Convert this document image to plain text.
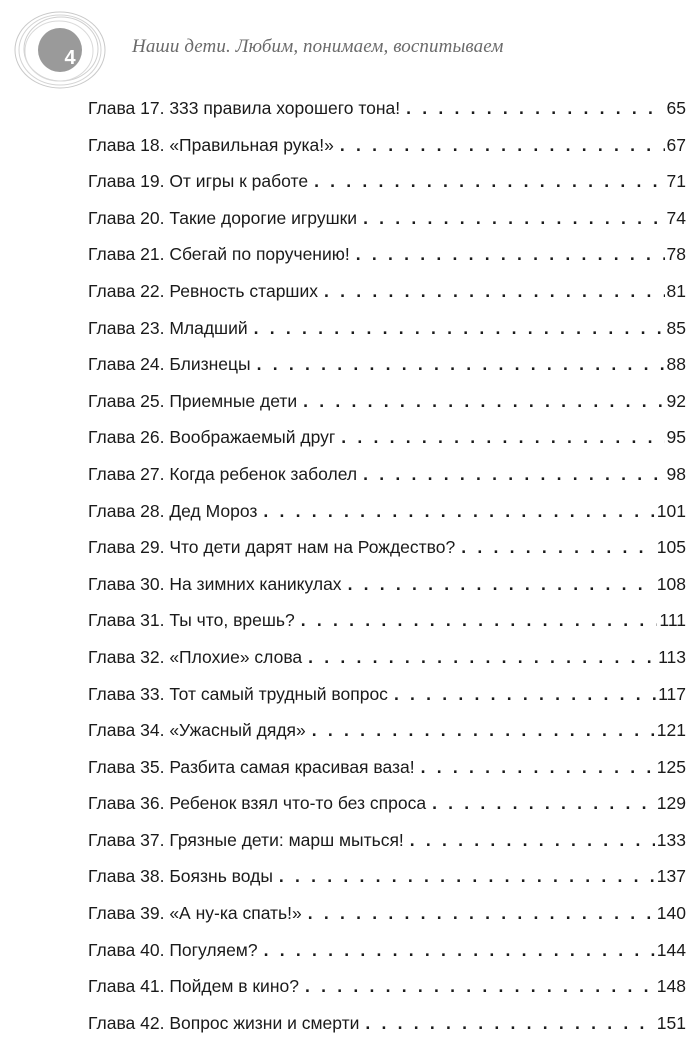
4
Наши дети. Любим, понимаем, воспитываем
Глава 17. 333 правила хорошего тона! . . .	65
Глава 18. «Правильная рука!» . . .	67
Глава 19. От игры к работе . . .	71
Глава 20. Такие дорогие игрушки . . .	74
Глава 21. Сбегай по поручению! . . .	78
Глава 22. Ревность старших . . .	81
Глава 23. Младший . . .	85
Глава 24. Близнецы . . .	88
Глава 25. Приемные дети . . .	92
Глава 26. Воображаемый друг . . .	95
Глава 27. Когда ребенок заболел . . .	98
Глава 28. Дед Мороз . . .	101
Глава 29. Что дети дарят нам на Рождество? . . .	105
Глава 30. На зимних каникулах . . .	108
Глава 31. Ты что, врешь? . . .	111
Глава 32. «Плохие» слова . . .	113
Глава 33. Тот самый трудный вопрос . . .	117
Глава 34. «Ужасный дядя» . . .	121
Глава 35. Разбита самая красивая ваза! . . .	125
Глава 36. Ребенок взял что-то без спроса . . .	129
Глава 37. Грязные дети: марш мыться! . . .	133
Глава 38. Боязнь воды . . .	137
Глава 39. «А ну-ка спать!» . . .	140
Глава 40. Погуляем? . . .	144
Глава 41. Пойдем в кино? . . .	148
Глава 42. Вопрос жизни и смерти . . .	151
